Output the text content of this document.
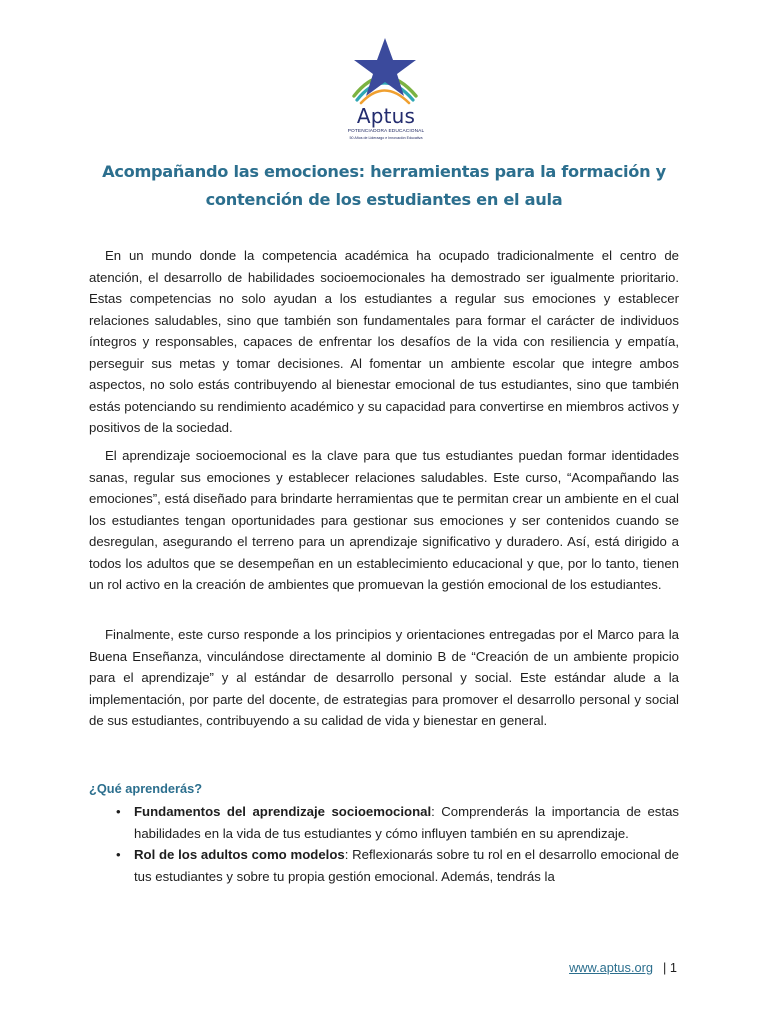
Aptus
POTENCIADORA EDUCACIONAL
50 Años de Liderazgo e Innovación Educativa
Acompañando las emociones: herramientas para la formación y contención de los estudiantes en el aula

En un mundo donde la competencia académica ha ocupado tradicionalmente el centro de atención, el desarrollo de habilidades socioemocionales ha demostrado ser igualmente prioritario. Estas competencias no solo ayudan a los estudiantes a regular sus emociones y establecer relaciones saludables, sino que también son fundamentales para formar el carácter de individuos íntegros y responsables, capaces de enfrentar los desafíos de la vida con resiliencia y empatía, perseguir sus metas y tomar decisiones. Al fomentar un ambiente escolar que integre ambos aspectos, no solo estás contribuyendo al bienestar emocional de tus estudiantes, sino que también estás potenciando su rendimiento académico y su capacidad para convertirse en miembros activos y positivos de la sociedad.

El aprendizaje socioemocional es la clave para que tus estudiantes puedan formar identidades sanas, regular sus emociones y establecer relaciones saludables. Este curso, “Acompañando las emociones”, está diseñado para brindarte herramientas que te permitan crear un ambiente en el cual los estudiantes tengan oportunidades para gestionar sus emociones y ser contenidos cuando se desregulan, asegurando el terreno para un aprendizaje significativo y duradero. Así, está dirigido a todos los adultos que se desempeñan en un establecimiento educacional y que, por lo tanto, tienen un rol activo en la creación de ambientes que promuevan la gestión emocional de los estudiantes.

Finalmente, este curso responde a los principios y orientaciones entregadas por el Marco para la Buena Enseñanza, vinculándose directamente al dominio B de “Creación de un ambiente propicio para el aprendizaje” y al estándar de desarrollo personal y social. Este estándar alude a la implementación, por parte del docente, de estrategias para promover el desarrollo personal y social de sus estudiantes, contribuyendo a su calidad de vida y bienestar en general.

¿Qué aprenderás?
• Fundamentos del aprendizaje socioemocional: Comprenderás la importancia de estas habilidades en la vida de tus estudiantes y cómo influyen también en su aprendizaje.
• Rol de los adultos como modelos: Reflexionarás sobre tu rol en el desarrollo emocional de tus estudiantes y sobre tu propia gestión emocional. Además, tendrás la
www.aptus.org | 1
